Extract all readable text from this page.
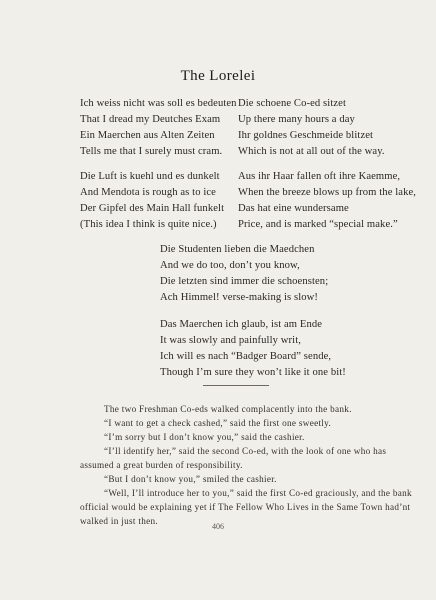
The Lorelei
Ich weiss nicht was soll es bedeuten
That I dread my Deutches Exam
Ein Maerchen aus Alten Zeiten
Tells me that I surely must cram.
Die schoene Co-ed sitzet
Up there many hours a day
Ihr goldnes Geschmeide blitzet
Which is not at all out of the way.
Die Luft is kuehl und es dunkelt
And Mendota is rough as to ice
Der Gipfel des Main Hall funkelt
(This idea I think is quite nice.)
Aus ihr Haar fallen oft ihre Kaemme,
When the breeze blows up from the lake,
Das hat eine wundersame
Price, and is marked “special make.”
Die Studenten lieben die Maedchen
And we do too, don’t you know,
Die letzten sind immer die schoensten;
Ach Himmel! verse-making is slow!
Das Maerchen ich glaub, ist am Ende
It was slowly and painfully writ,
Ich will es nach “Badger Board” sende,
Though I’m sure they won’t like it one bit!
The two Freshman Co-eds walked complacently into the bank.
“I want to get a check cashed,” said the first one sweetly.
“I’m sorry but I don’t know you,” said the cashier.
“I’ll identify her,” said the second Co-ed, with the look of one who has
assumed a great burden of responsibility.
“But I don’t know you,” smiled the cashier.
“Well, I’ll introduce her to you,” said the first Co-ed graciously, and the bank
official would be explaining yet if The Fellow Who Lives in the Same Town had’nt
walked in just then.
406
